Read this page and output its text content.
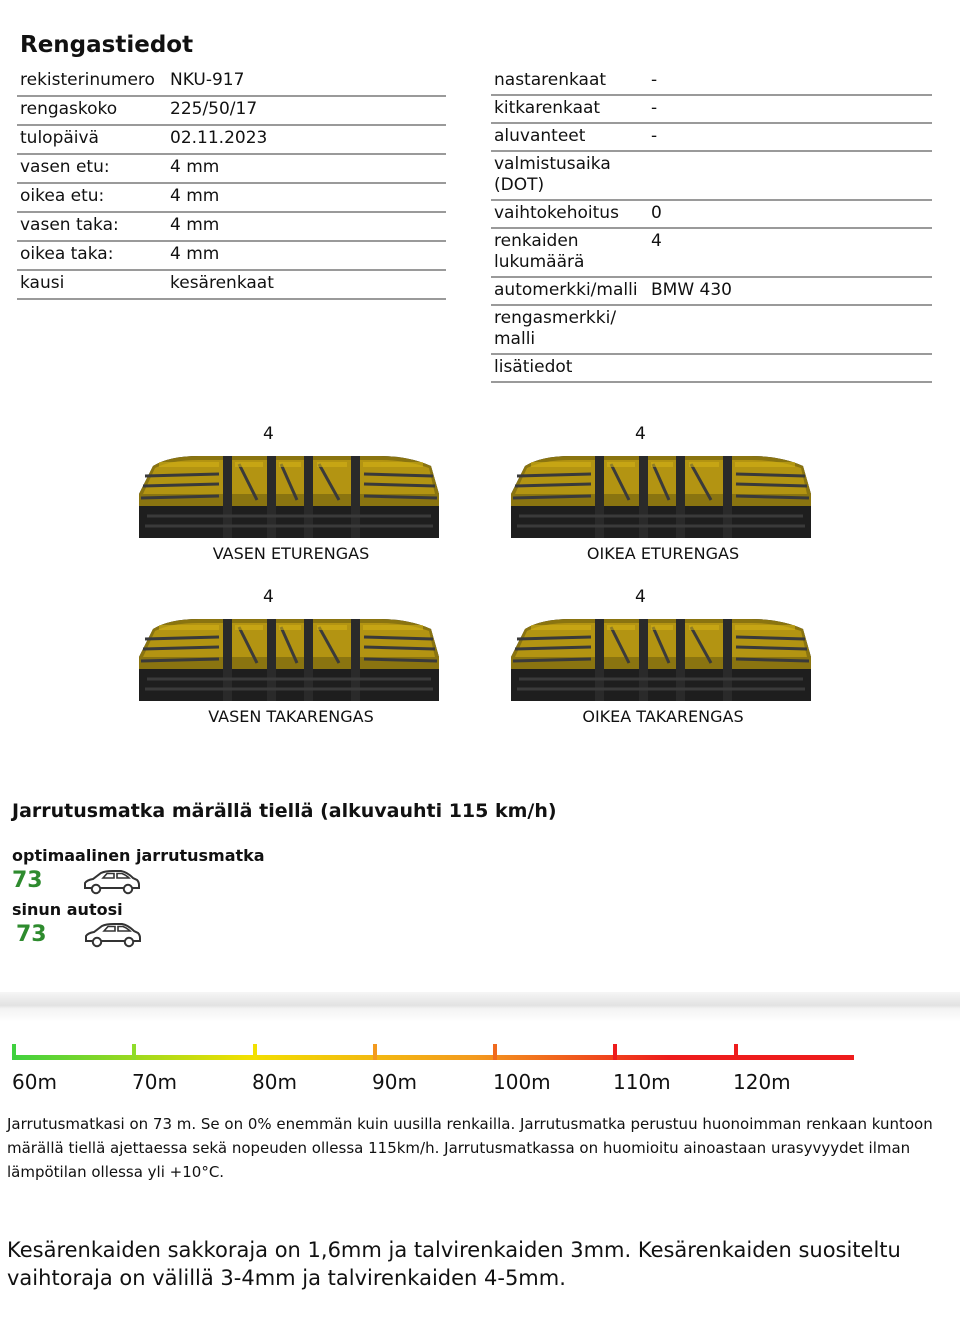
Rengastiedot
rekisterinumero	NKU-917
rengaskoko	225/50/17
tulopäivä	02.11.2023
vasen etu:	4 mm
oikea etu:	4 mm
vasen taka:	4 mm
oikea taka:	4 mm
kausi	kesärenkaat
nastarenkaat	-
kitkarenkaat	-
aluvanteet	-
valmistusaika (DOT)	
vaihtokehoitus	0
renkaiden lukumäärä	4
automerkki/malli	BMW 430
rengasmerkki/ malli	
lisätiedot	
4
VASEN ETURENGAS
4
OIKEA ETURENGAS
4
VASEN TAKARENGAS
4
OIKEA TAKARENGAS
Jarrutusmatka märällä tiellä (alkuvauhti 115 km/h)
optimaalinen jarrutusmatka
73
sinun autosi
73
60m	70m	80m	90m	100m	110m	120m

Jarrutusmatkasi on 73 m. Se on 0% enemmän kuin uusilla renkailla. Jarrutusmatka perustuu huonoimman renkaan kuntoon märällä tiellä ajettaessa sekä nopeuden ollessa 115km/h. Jarrutusmatkassa on huomioitu ainoastaan urasyvyydet ilman lämpötilan ollessa yli +10°C.

Kesärenkaiden sakkoraja on 1,6mm ja talvirenkaiden 3mm. Kesärenkaiden suositeltu vaihtoraja on välillä 3-4mm ja talvirenkaiden 4-5mm.
